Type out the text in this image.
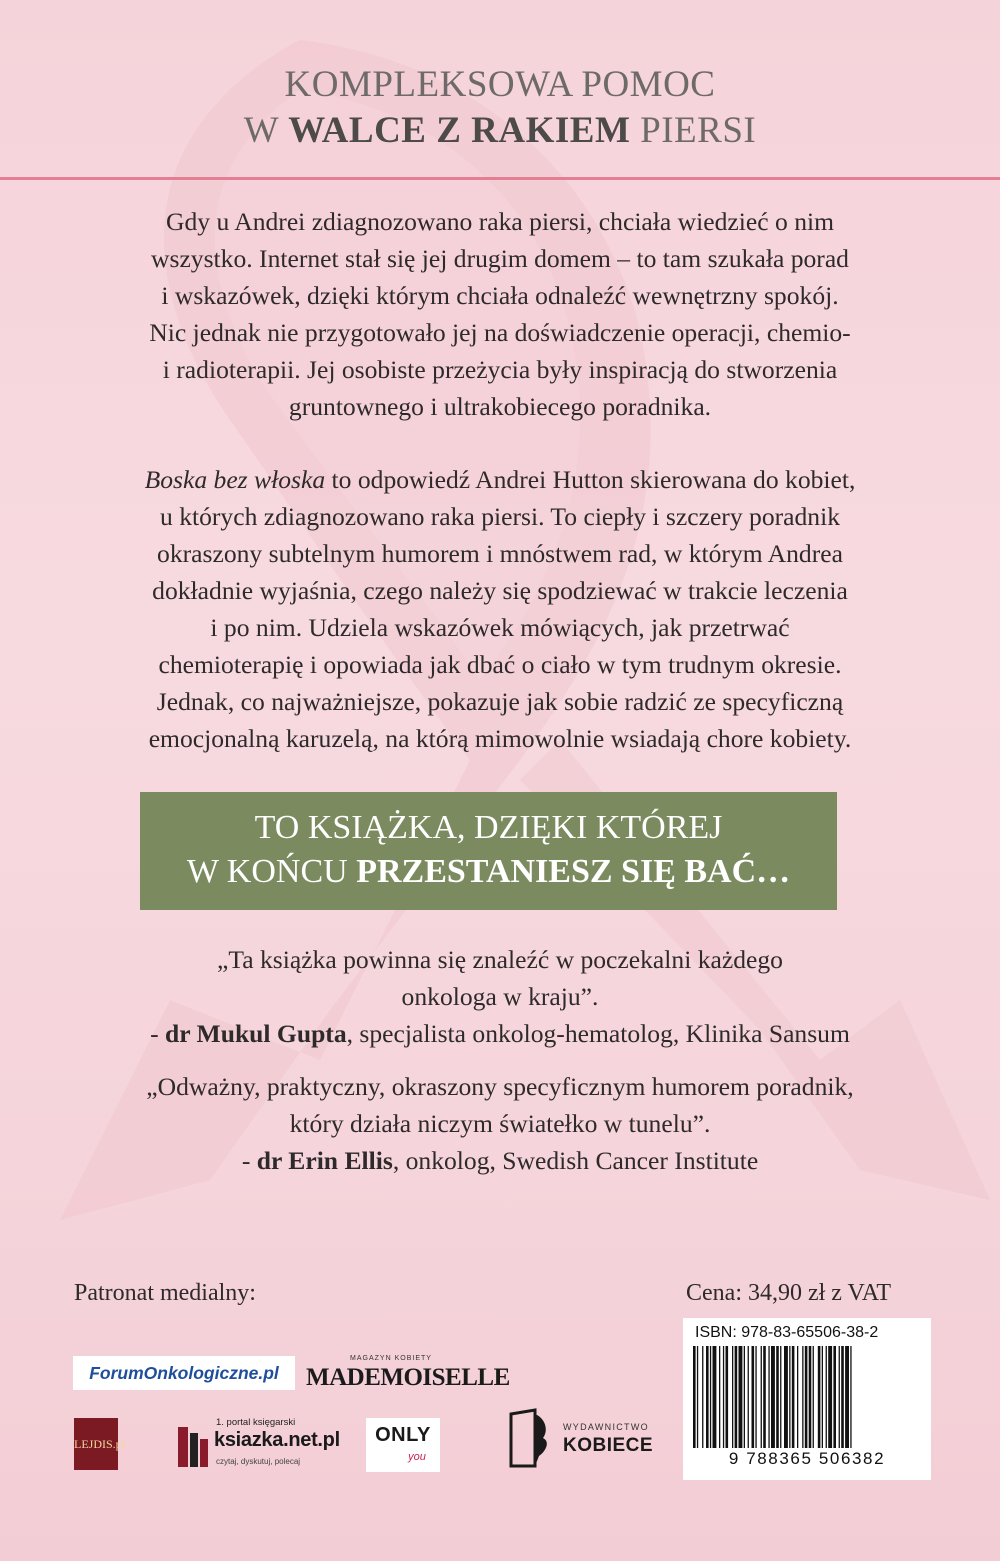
KOMPLEKSOWA POMOC
W WALCE Z RAKIEM PIERSI
Gdy u Andrei zdiagnozowano raka piersi, chciała wiedzieć o nim
wszystko. Internet stał się jej drugim domem – to tam szukała porad
i wskazówek, dzięki którym chciała odnaleźć wewnętrzny spokój.
Nic jednak nie przygotowało jej na doświadczenie operacji, chemio-
i radioterapii. Jej osobiste przeżycia były inspiracją do stworzenia
gruntownego i ultrakobiecego poradnika.
Boska bez włoska to odpowiedź Andrei Hutton skierowana do kobiet,
u których zdiagnozowano raka piersi. To ciepły i szczery poradnik
okraszony subtelnym humorem i mnóstwem rad, w którym Andrea
dokładnie wyjaśnia, czego należy się spodziewać w trakcie leczenia
i po nim. Udziela wskazówek mówiących, jak przetrwać
chemioterapię i opowiada jak dbać o ciało w tym trudnym okresie.
Jednak, co najważniejsze, pokazuje jak sobie radzić ze specyficzną
emocjonalną karuzelą, na którą mimowolnie wsiadają chore kobiety.
TO KSIĄŻKA, DZIĘKI KTÓREJ
W KOŃCU PRZESTANIESZ SIĘ BAĆ…
„Ta książka powinna się znaleźć w poczekalni każdego
onkologa w kraju”.
- dr Mukul Gupta, specjalista onkolog-hematolog, Klinika Sansum
„Odważny, praktyczny, okraszony specyficznym humorem poradnik,
który działa niczym światełko w tunelu”.
- dr Erin Ellis, onkolog, Swedish Cancer Institute
Patronat medialny:	Cena: 34,90 zł z VAT
ISBN: 978-83-65506-38-2
9 788365 506382
ForumOnkologiczne.pl
MAGAZYN KOBIETY
MADEMOISELLE
LEJDIS.pl
1. portal księgarski
ksiazka.net.pl
czytaj, dyskutuj, polecaj
ONLY
you
WYDAWNICTWO
KOBIECE
